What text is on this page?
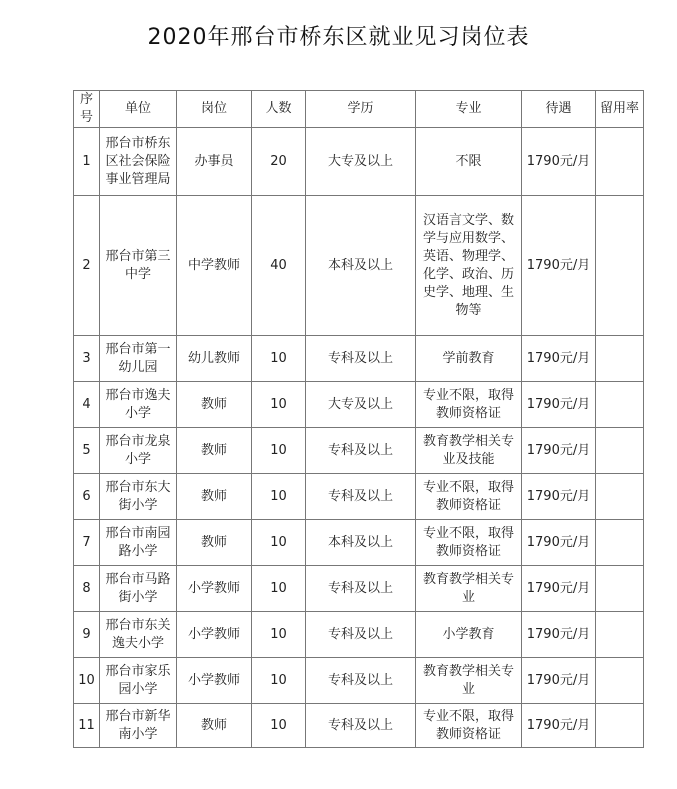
2020年邢台市桥东区就业见习岗位表
序号	单位	岗位	人数	学历	专业	待遇	留用率
1	邢台市桥东区社会保险事业管理局	办事员	20	大专及以上	不限	1790元/月	
2	邢台市第三中学	中学教师	40	本科及以上	汉语言文学、数学与应用数学、英语、物理学、化学、政治、历史学、地理、生物等	1790元/月	
3	邢台市第一幼儿园	幼儿教师	10	专科及以上	学前教育	1790元/月	
4	邢台市逸夫小学	教师	10	大专及以上	专业不限，取得教师资格证	1790元/月	
5	邢台市龙泉小学	教师	10	专科及以上	教育教学相关专业及技能	1790元/月	
6	邢台市东大街小学	教师	10	专科及以上	专业不限，取得教师资格证	1790元/月	
7	邢台市南园路小学	教师	10	本科及以上	专业不限，取得教师资格证	1790元/月	
8	邢台市马路街小学	小学教师	10	专科及以上	教育教学相关专业	1790元/月	
9	邢台市东关逸夫小学	小学教师	10	专科及以上	小学教育	1790元/月	
10	邢台市家乐园小学	小学教师	10	专科及以上	教育教学相关专业	1790元/月	
11	邢台市新华南小学	教师	10	专科及以上	专业不限，取得教师资格证	1790元/月	
